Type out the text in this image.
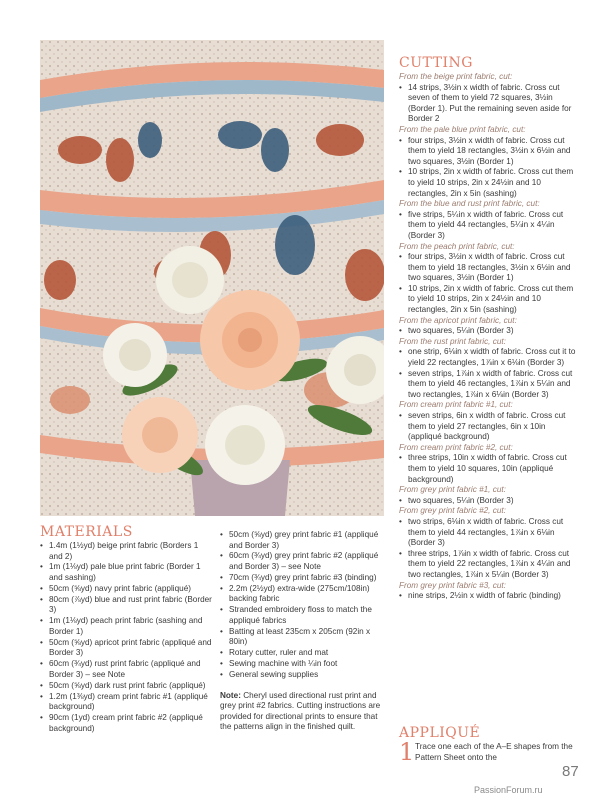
CUTTING

From the beige print fabric, cut:

• 14 strips, 3½in x width of fabric. Cross cut seven of them to yield 72 squares, 3½in (Border 1). Put the remaining seven aside for Border 2

From the pale blue print fabric, cut:

• four strips, 3½in x width of fabric. Cross cut them to yield 18 rectangles, 3½in x 6½in and two squares, 3½in (Border 1)
• 10 strips, 2in x width of fabric. Cross cut them to yield 10 strips, 2in x 24½in and 10 rectangles, 2in x 5in (sashing)

From the blue and rust print fabric, cut:

• five strips, 5¼in x width of fabric. Cross cut them to yield 44 rectangles, 5¼in x 4¼in (Border 3)

From the peach print fabric, cut:

• four strips, 3½in x width of fabric. Cross cut them to yield 18 rectangles, 3½in x 6½in and two squares, 3½in (Border 1)
• 10 strips, 2in x width of fabric. Cross cut them to yield 10 strips, 2in x 24½in and 10 rectangles, 2in x 5in (sashing)

From the apricot print fabric, cut:

• two squares, 5¼in (Border 3)

From the rust print fabric, cut:

• one strip, 6⅛in x width of fabric. Cross cut it to yield 22 rectangles, 1⅞in x 6⅛in (Border 3)
• seven strips, 1⅞in x width of fabric. Cross cut them to yield 46 rectangles, 1⅞in x 5¼in and two rectangles, 1⅞in x 6⅛in (Border 3)

From cream print fabric #1, cut:

• seven strips, 6in x width of fabric. Cross cut them to yield 27 rectangles, 6in x 10in (appliqué background)

From cream print fabric #2, cut:

• three strips, 10in x width of fabric. Cross cut them to yield 10 squares, 10in (appliqué background)

From grey print fabric #1, cut:

• two squares, 5¼in (Border 3)

From grey print fabric #2, cut:

• two strips, 6⅛in x width of fabric. Cross cut them to yield 44 rectangles, 1⅞in x 6⅛in (Border 3)
• three strips, 1⅞in x width of fabric. Cross cut them to yield 22 rectangles, 1⅞in x 4¼in and two rectangles, 1⅞in x 5¼in (Border 3)

From grey print fabric #3, cut:

• nine strips, 2½in x width of fabric (binding)
MATERIALS
• 1.4m (1½yd) beige print fabric (Borders 1 and 2)
• 1m (1⅛yd) pale blue print fabric (Border 1 and sashing)
• 50cm (⅝yd) navy print fabric (appliqué)
• 80cm (⅞yd) blue and rust print fabric (Border 3)
• 1m (1⅛yd) peach print fabric (sashing and Border 1)
• 50cm (⅝yd) apricot print fabric (appliqué and Border 3)
• 60cm (¾yd) rust print fabric (appliqué and Border 3) – see Note
• 50cm (⅝yd) dark rust print fabric (appliqué)
• 1.2m (1⅜yd) cream print fabric #1 (appliqué background)
• 90cm (1yd) cream print fabric #2 (appliqué background)
• 50cm (⅝yd) grey print fabric #1 (appliqué and Border 3)
• 60cm (¾yd) grey print fabric #2 (appliqué and Border 3) – see Note
• 70cm (¾yd) grey print fabric #3 (binding)
• 2.2m (2½yd) extra-wide (275cm/108in) backing fabric
• Stranded embroidery floss to match the appliqué fabrics
• Batting at least 235cm x 205cm (92in x 80in)
• Rotary cutter, ruler and mat
• Sewing machine with ¼in foot
• General sewing supplies

Note: Cheryl used directional rust print and grey print #2 fabrics. Cutting instructions are provided for directional prints to ensure that the patterns align in the finished quilt.	APPLIQUÉ
1 Trace one each of the A–E shapes from the Pattern Sheet onto the

87
PassionForum.ru
